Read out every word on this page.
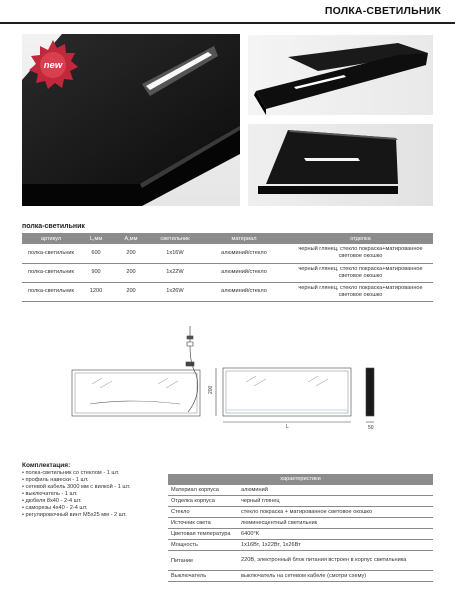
ПОЛКА-СВЕТИЛЬНИК
new
полка-светильник
артикул	L,мм	A,мм	светильник	материал	отделка
полка-светильник	600	200	1x16W	алюминий/стекло	черный глянец, стекло покраска+матированное световое окошко
полка-светильник	900	200	1x22W	алюминий/стекло	черный глянец, стекло покраска+матированное световое окошко
полка-светильник	1200	200	1x26W	алюминий/стекло	черный глянец, стекло покраска+матированное световое окошко
200
L	50
Комплектация:
• полка-светильник со стеклом - 1 шт.
• профиль навески - 1 шт.
• сетевой кабель 3000 мм с вилкой - 1 шт.
• выключатель - 1 шт.
• дюбеля 8х40 - 2-4 шт.
• саморезы 4х40 - 2-4 шт.
• регулировочный винт М5х25 мм - 2 шт.
характеристики
Материал корпуса	алюминий
Отделка корпуса	черный глянец
Стекло	стекло покраска + матированное световое окошко
Источник света	люминесцентный светильник
Цветовая температура	6400°K
Мощность	1x16Вт, 1x22Вт, 1x26Вт
Питание	220В, электронный блок питания встроен в корпус светильника
Выключатель	выключатель на сетевом кабеле (смотри схему)
